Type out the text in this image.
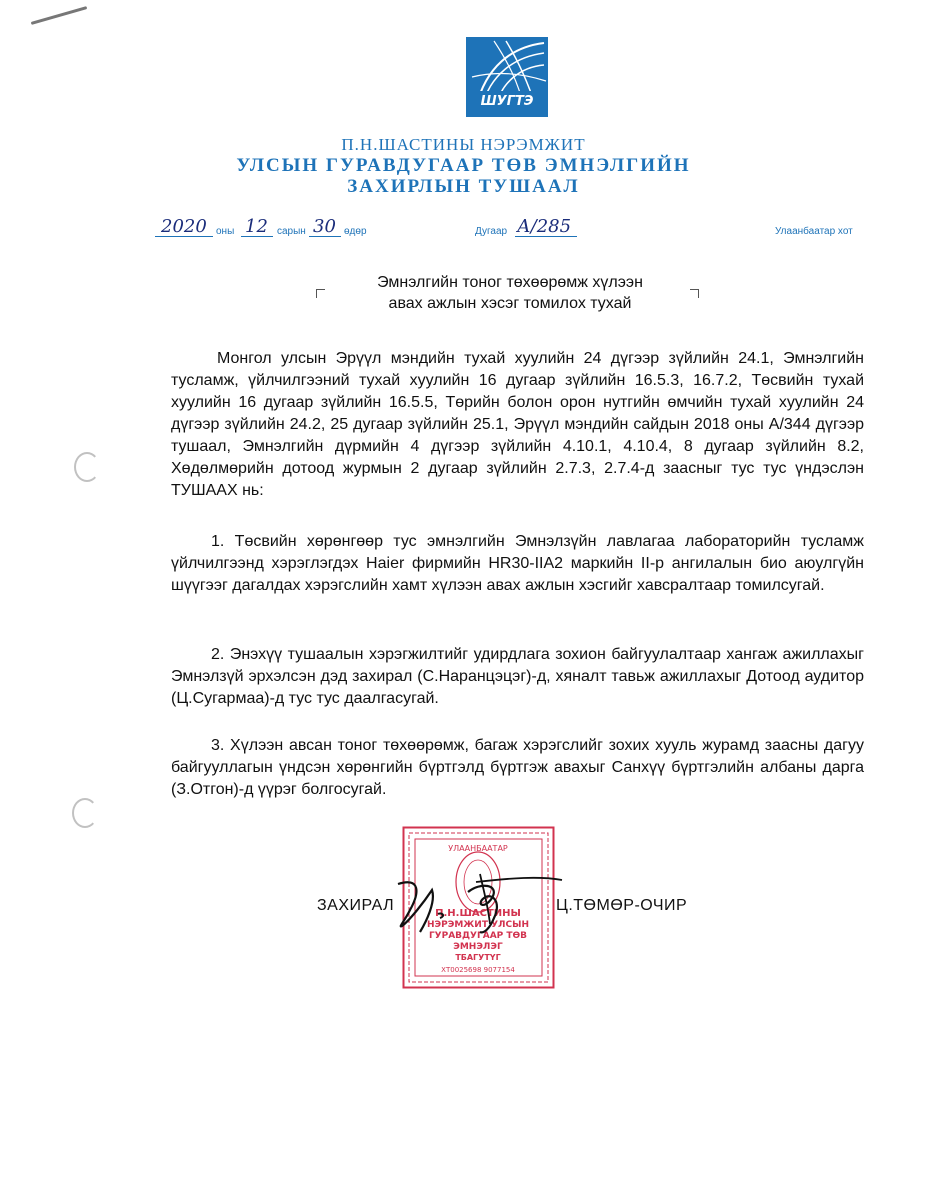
ШУГТЭ
П.Н.ШАСТИНЫ НЭРЭМЖИТ
УЛСЫН ГУРАВДУГААР ТӨВ ЭМНЭЛГИЙН
ЗАХИРЛЫН ТУШААЛ
2020 оны 12 сарын 30 өдөр	Дугаар А/285	Улаанбаатар хот
Эмнэлгийн тоног төхөөрөмж хүлээн
авах ажлын хэсэг томилох тухай
Монгол улсын Эрүүл мэндийн тухай хуулийн 24 дүгээр зүйлийн 24.1, Эмнэлгийн тусламж, үйлчилгээний тухай хуулийн 16 дугаар зүйлийн 16.5.3, 16.7.2, Төсвийн тухай хуулийн 16 дугаар зүйлийн 16.5.5, Төрийн болон орон нутгийн өмчийн тухай хуулийн 24 дүгээр зүйлийн 24.2, 25 дугаар зүйлийн 25.1, Эрүүл мэндийн сайдын 2018 оны А/344 дүгээр тушаал, Эмнэлгийн дүрмийн 4 дүгээр зүйлийн 4.10.1, 4.10.4, 8 дугаар зүйлийн 8.2, Хөдөлмөрийн дотоод журмын 2 дугаар зүйлийн 2.7.3, 2.7.4-д заасныг тус тус үндэслэн ТУШААХ нь:
1. Төсвийн хөрөнгөөр тус эмнэлгийн Эмнэлзүйн лавлагаа лабораторийн тусламж үйлчилгээнд хэрэглэгдэх Haier фирмийн HR30-IIA2 маркийн II-р ангилалын био аюулгүйн шүүгээг дагалдах хэрэгслийн хамт хүлээн авах ажлын хэсгийг хавсралтаар томилсугай.
2. Энэхүү тушаалын хэрэгжилтийг удирдлага зохион байгуулалтаар хангаж ажиллахыг Эмнэлзүй эрхэлсэн дэд захирал (С.Наранцэцэг)-д, хяналт тавьж ажиллахыг Дотоод аудитор (Ц.Сугармаа)-д тус тус даалгасугай.
3. Хүлээн авсан тоног төхөөрөмж, багаж хэрэгслийг зохих хууль журамд заасны дагуу байгууллагын үндсэн хөрөнгийн бүртгэлд бүртгэж авахыг Санхүү бүртгэлийн албаны дарга (З.Отгон)-д үүрэг болгосугай.
УЛААНБААТАР
П.Н.ШАСТИНЫ
НЭРЭМЖИТ УЛСЫН
ГУРАВДУГААР ТӨВ
ЭМНЭЛЭГ
ТБАГУТҮГ
ХТ0025698 9077154
ЗАХИРАЛ	Ц.ТӨМӨР-ОЧИР
